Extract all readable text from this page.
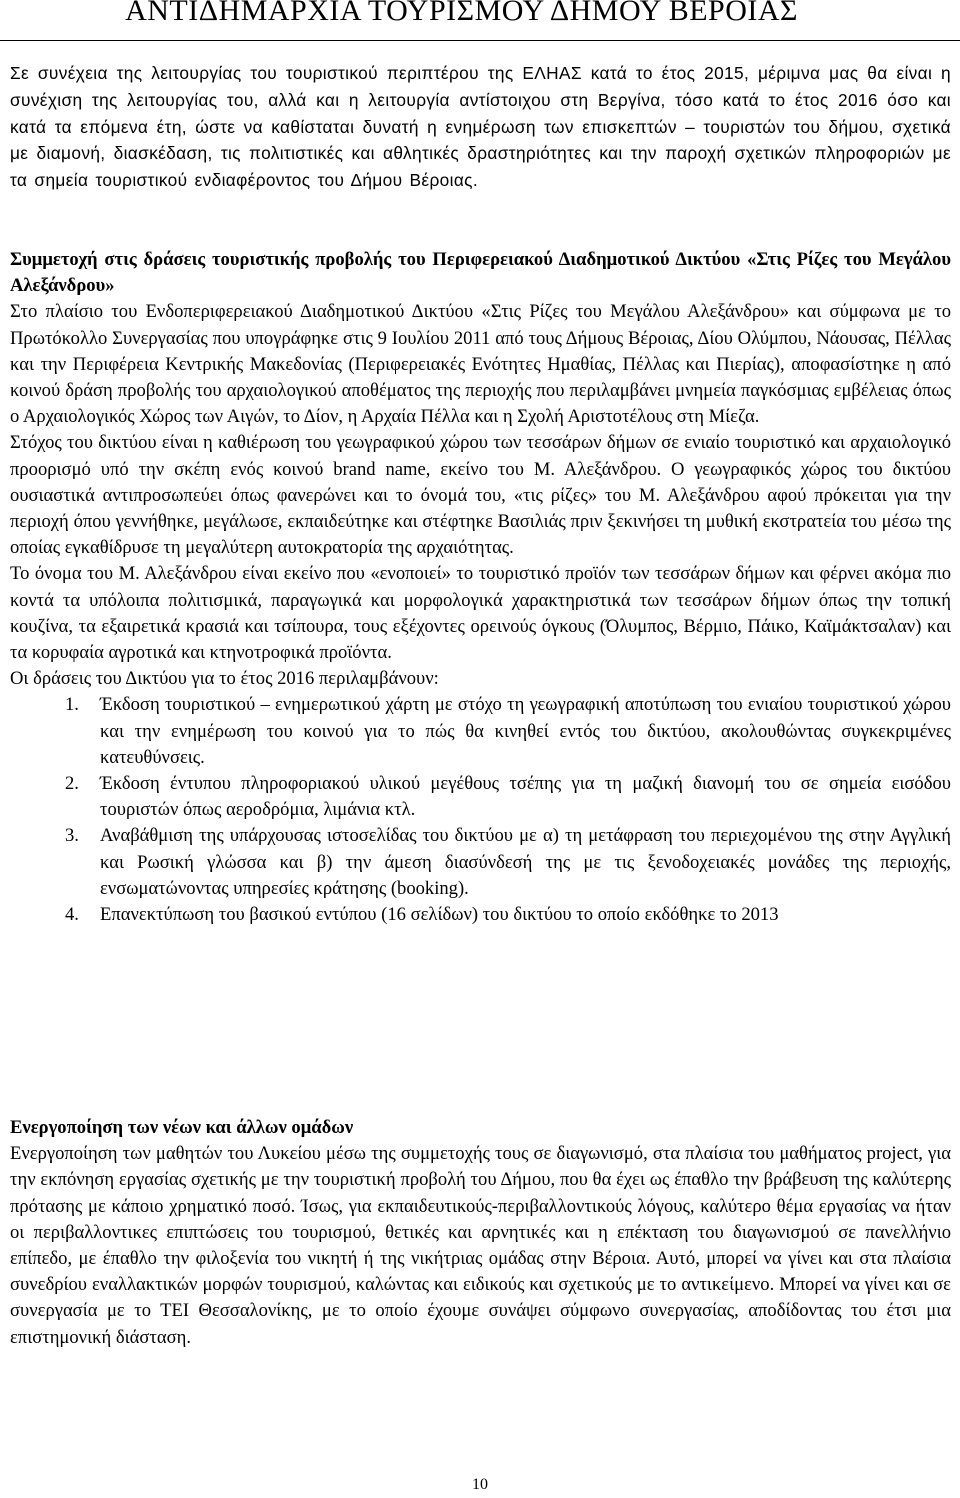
ΑΝΤΙΔΗΜΑΡΧΙΑ ΤΟΥΡΙΣΜΟΥ ΔΗΜΟΥ ΒΕΡΟΙΑΣ

Σε συνέχεια της λειτουργίας του τουριστικού περιπτέρου της ΕΛΗΑΣ κατά το έτος 2015, μέριμνα μας θα είναι η συνέχιση της λειτουργίας του, αλλά και η λειτουργία αντίστοιχου στη Βεργίνα, τόσο κατά το έτος 2016 όσο και κατά τα επόμενα έτη, ώστε να καθίσταται δυνατή η ενημέρωση των επισκεπτών – τουριστών του δήμου, σχετικά με διαμονή, διασκέδαση, τις πολιτιστικές και αθλητικές δραστηριότητες και την παροχή σχετικών πληροφοριών με τα σημεία τουριστικού ενδιαφέροντος του Δήμου Βέροιας.

Συμμετοχή στις δράσεις τουριστικής προβολής του Περιφερειακού Διαδημοτικού Δικτύου «Στις Ρίζες του Μεγάλου Αλεξάνδρου»

Στο πλαίσιο του Ενδοπεριφερειακού Διαδημοτικού Δικτύου «Στις Ρίζες του Μεγάλου Αλεξάνδρου» και σύμφωνα με το Πρωτόκολλο Συνεργασίας που υπογράφηκε στις 9 Ιουλίου 2011 από τους Δήμους Βέροιας, Δίου Ολύμπου, Νάουσας, Πέλλας και την Περιφέρεια Κεντρικής Μακεδονίας (Περιφερειακές Ενότητες Ημαθίας, Πέλλας και Πιερίας), αποφασίστηκε η από κοινού δράση προβολής του αρχαιολογικού αποθέματος της περιοχής που περιλαμβάνει μνημεία παγκόσμιας εμβέλειας όπως ο Αρχαιολογικός Χώρος των Αιγών, το Δίον, η Αρχαία Πέλλα και η Σχολή Αριστοτέλους στη Μίεζα.

Στόχος του δικτύου είναι η καθιέρωση του γεωγραφικού χώρου των τεσσάρων δήμων σε ενιαίο τουριστικό και αρχαιολογικό προορισμό υπό την σκέπη ενός κοινού brand name, εκείνο του Μ. Αλεξάνδρου. Ο γεωγραφικός χώρος του δικτύου ουσιαστικά αντιπροσωπεύει όπως φανερώνει και το όνομά του, «τις ρίζες» του Μ. Αλεξάνδρου αφού πρόκειται για την περιοχή όπου γεννήθηκε, μεγάλωσε, εκπαιδεύτηκε και στέφτηκε Βασιλιάς πριν ξεκινήσει τη μυθική εκστρατεία του μέσω της οποίας εγκαθίδρυσε τη μεγαλύτερη αυτοκρατορία της αρχαιότητας.

Το όνομα του Μ. Αλεξάνδρου είναι εκείνο που «ενοποιεί» το τουριστικό προϊόν των τεσσάρων δήμων και φέρνει ακόμα πιο κοντά τα υπόλοιπα πολιτισμικά, παραγωγικά και μορφολογικά χαρακτηριστικά των τεσσάρων δήμων όπως την τοπική κουζίνα, τα εξαιρετικά κρασιά και τσίπουρα, τους εξέχοντες ορεινούς όγκους (Όλυμπος, Βέρμιο, Πάικο, Καϊμάκτσαλαν) και τα κορυφαία αγροτικά και κτηνοτροφικά προϊόντα.

Οι δράσεις του Δικτύου για το έτος 2016 περιλαμβάνουν:

1. Έκδοση τουριστικού – ενημερωτικού χάρτη με στόχο τη γεωγραφική αποτύπωση του ενιαίου τουριστικού χώρου και την ενημέρωση του κοινού για το πώς θα κινηθεί εντός του δικτύου, ακολουθώντας συγκεκριμένες κατευθύνσεις.
2. Έκδοση έντυπου πληροφοριακού υλικού μεγέθους τσέπης για τη μαζική διανομή του σε σημεία εισόδου τουριστών όπως αεροδρόμια, λιμάνια κτλ.
3. Αναβάθμιση της υπάρχουσας ιστοσελίδας του δικτύου με α) τη μετάφραση του περιεχομένου της στην Αγγλική και Ρωσική γλώσσα και β) την άμεση διασύνδεσή της με τις ξενοδοχειακές μονάδες της περιοχής, ενσωματώνοντας υπηρεσίες κράτησης (booking).
4. Επανεκτύπωση του βασικού εντύπου (16 σελίδων) του δικτύου το οποίο εκδόθηκε το 2013

Ενεργοποίηση των νέων και άλλων ομάδων

Ενεργοποίηση των μαθητών του Λυκείου μέσω της συμμετοχής τους σε διαγωνισμό, στα πλαίσια του μαθήματος project, για την εκπόνηση εργασίας σχετικής με την τουριστική προβολή του Δήμου, που θα έχει ως έπαθλο την βράβευση της καλύτερης πρότασης με κάποιο χρηματικό ποσό. Ίσως, για εκπαιδευτικούς-περιβαλλοντικούς λόγους, καλύτερο θέμα εργασίας να ήταν οι περιβαλλοντικες επιπτώσεις του τουρισμού, θετικές και αρνητικές και η επέκταση του διαγωνισμού σε πανελλήνιο επίπεδο, με έπαθλο την φιλοξενία του νικητή ή της νικήτριας ομάδας στην Βέροια. Αυτό, μπορεί να γίνει και στα πλαίσια συνεδρίου εναλλακτικών μορφών τουρισμού, καλώντας και ειδικούς και σχετικούς με το αντικείμενο. Μπορεί να γίνει και σε συνεργασία με το ΤΕΙ Θεσσαλονίκης, με το οποίο έχουμε συνάψει σύμφωνο συνεργασίας, αποδίδοντας του έτσι μια επιστημονική διάσταση.

10
